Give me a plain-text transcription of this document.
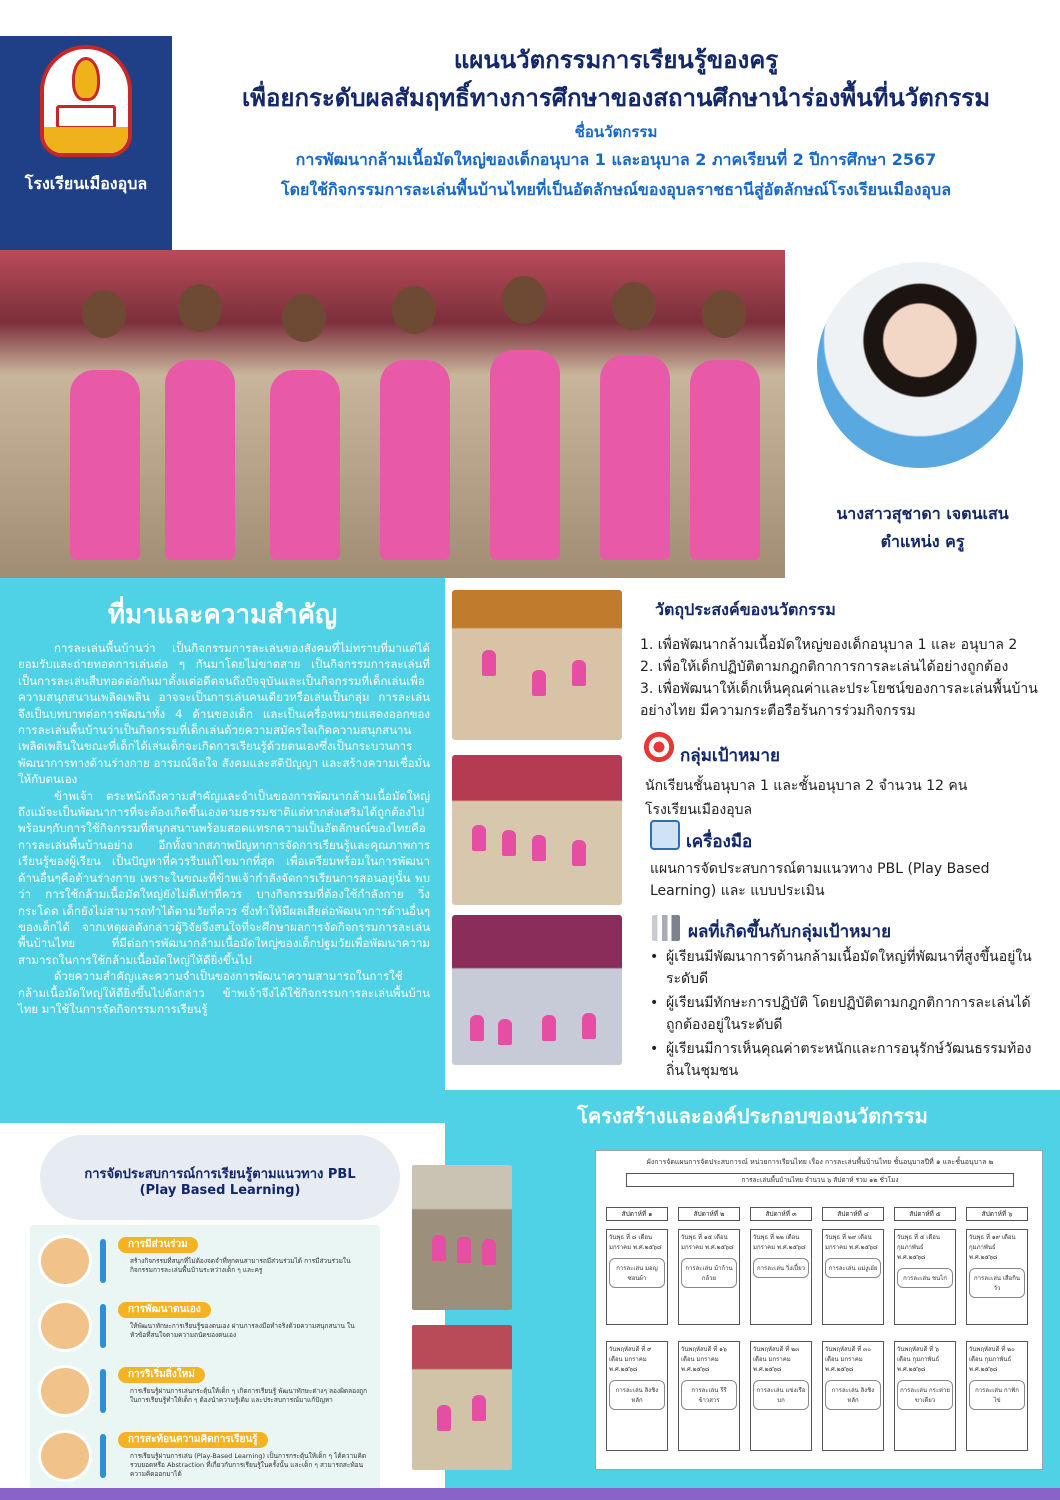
โรงเรียนเมืองอุบล
แผนนวัตกรรมการเรียนรู้ของครู
เพื่อยกระดับผลสัมฤทธิ์ทางการศึกษาของสถานศึกษานำร่องพื้นที่นวัตกรรม
ชื่อนวัตกรรม
การพัฒนากล้ามเนื้อมัดใหญ่ของเด็กอนุบาล 1 และอนุบาล 2 ภาคเรียนที่ 2 ปีการศึกษา 2567
โดยใช้กิจกรรมการละเล่นพื้นบ้านไทยที่เป็นอัตลักษณ์ของอุบลราชธานีสู่อัตลักษณ์โรงเรียนเมืองอุบล
นางสาวสุชาดา เจตนเสน
ตำแหน่ง ครู
ที่มาและความสำคัญ

การละเล่นพื้นบ้านว่า เป็นกิจกรรมการละเล่นของสังคมที่ไม่ทราบที่มาแต่ได้ยอมรับและถ่ายทอดการเล่นต่อ ๆ กันมาโดยไม่ขาดสาย เป็นกิจกรรมการละเล่นที่เป็นการละเล่นสืบทอดต่อกันมาตั้งแต่อดีตจนถึงปัจจุบันและเป็นกิจกรรมที่เด็กเล่นเพื่อความสนุกสนานเพลิดเพลิน อาจจะเป็นการเล่นคนเดียวหรือเล่นเป็นกลุ่ม การละเล่นจึงเป็นบทบาทต่อการพัฒนาทั้ง 4 ด้านของเด็ก และเป็นเครื่องหมายแสดงออกของการละเล่นพื้นบ้านว่าเป็นกิจกรรมที่เด็กเล่นด้วยความสมัครใจเกิดความสนุกสนานเพลิดเพลินในขณะที่เด็กได้เล่นเด็กจะเกิดการเรียนรู้ด้วยตนเองซึ่งเป็นกระบวนการพัฒนาการทางด้านร่างกาย อารมณ์จิตใจ สังคมและสติปัญญา และสร้างความเชื่อมั่นให้กับตนเอง

ข้าพเจ้า ตระหนักถึงความสำคัญและจำเป็นของการพัฒนากล้ามเนื้อมัดใหญ่ ถึงแม้จะเป็นพัฒนาการที่จะต้องเกิดขึ้นเองตามธรรมชาติแต่หากส่งเสริมได้ถูกต้องไปพร้อมๆกับการใช้กิจกรรมที่สนุกสนานพร้อมสอดแทรกความเป็นอัตลักษณ์ของไทยคือการละเล่นพื้นบ้านอย่าง อีกทั้งจากสภาพปัญหาการจัดการเรียนรู้และคุณภาพการเรียนรู้ของผู้เรียน เป็นปัญหาที่ควรรีบแก้ไขมากที่สุด เพื่อเตรียมพร้อมในการพัฒนาด้านอื่นๆคือด้านร่างกาย เพราะในขณะที่ข้าพเจ้ากำลังจัดการเรียนการสอนอยู่นั้น พบว่า การใช้กล้ามเนื้อมัดใหญ่ยังไม่ดีเท่าที่ควร บางกิจกรรมที่ต้องใช้กำลังกาย วิ่ง กระโดด เด็กยังไม่สามารถทำได้ตามวัยที่ควร ซึ่งทำให้มีผลเสียต่อพัฒนาการด้านอื่นๆของเด็กได้ จากเหตุผลดังกล่าวผู้วิจัยจึงสนใจที่จะศึกษาผลการจัดกิจกรรมการละเล่นพื้นบ้านไทย ที่มีต่อการพัฒนากล้ามเนื้อมัดใหญ่ของเด็กปฐมวัยเพื่อพัฒนาความสามารถในการใช้กล้ามเนื้อมัดใหญ่ให้ดียิ่งขึ้นไป

ด้วยความสำคัญและความจำเป็นของการพัฒนาความสามารถในการใช้กล้ามเนื้อมัดใหญ่ให้ดียิ่งขึ้นไปดังกล่าว ข้าพเจ้าจึงได้ใช้กิจกรรมการละเล่นพื้นบ้านไทย มาใช้ในการจัดกิจกรรมการเรียนรู้

วัตถุประสงค์ของนวัตกรรม
1. เพื่อพัฒนากล้ามเนื้อมัดใหญ่ของเด็กอนุบาล 1 และ อนุบาล 2
2. เพื่อให้เด็กปฏิบัติตามกฎกติกาการการละเล่นได้อย่างถูกต้อง
3. เพื่อพัฒนาให้เด็กเห็นคุณค่าและประโยชน์ของการละเล่นพื้นบ้านอย่างไทย มีความกระตือรือร้นการร่วมกิจกรรม
กลุ่มเป้าหมาย
นักเรียนชั้นอนุบาล 1 และชั้นอนุบาล 2 จำนวน 12 คน
โรงเรียนเมืองอุบล
เครื่องมือ
แผนการจัดประสบการณ์ตามแนวทาง PBL (Play Based Learning) และ แบบประเมิน
ผลที่เกิดขึ้นกับกลุ่มเป้าหมาย
• ผู้เรียนมีพัฒนาการด้านกล้ามเนื้อมัดใหญ่ที่พัฒนาที่สูงขึ้นอยู่ในระดับดี
• ผู้เรียนมีทักษะการปฏิบัติ โดยปฏิบัติตามกฎกติกาการละเล่นได้ถูกต้องอยู่ในระดับดี
• ผู้เรียนมีการเห็นคุณค่าตระหนักและการอนุรักษ์วัฒนธรรมท้องถิ่นในชุมชน
โครงสร้างและองค์ประกอบของนวัตกรรม
ผังการจัดแผนการจัดประสบการณ์ หน่วยการเรียนไทย เรื่อง การละเล่นพื้นบ้านไทย ชั้นอนุบาลปีที่ ๑ และชั้นอนุบาล ๒
การละเล่นพื้นบ้านไทย จำนวน ๖ สัปดาห์ รวม ๑๒ ชั่วโมง
สัปดาห์ที่ ๑
วันพุธ ที่ ๘ เดือน มกราคม พ.ศ.๒๕๖๘
การละเล่น มอญซ่อนผ้า
วันพฤหัสบดี ที่ ๙ เดือน มกราคม พ.ศ.๒๕๖๘
การละเล่น ลิงชิงหลัก
สัปดาห์ที่ ๒
วันพุธ ที่ ๑๕ เดือน มกราคม พ.ศ.๒๕๖๘
การละเล่น ม้าก้านกล้วย
วันพฤหัสบดี ที่ ๑๖ เดือน มกราคม พ.ศ.๒๕๖๘
การละเล่น รีรีข้าวสาร
สัปดาห์ที่ ๓
วันพุธ ที่ ๒๒ เดือน มกราคม พ.ศ.๒๕๖๘
การละเล่น วิ่งเปี้ยว
วันพฤหัสบดี ที่ ๒๓ เดือน มกราคม พ.ศ.๒๕๖๘
การละเล่น แข่งเรือบก
สัปดาห์ที่ ๔
วันพุธ ที่ ๒๙ เดือน มกราคม พ.ศ.๒๕๖๘
การละเล่น แม่งูเอ๋ย
วันพฤหัสบดี ที่ ๓๐ เดือน มกราคม พ.ศ.๒๕๖๘
การละเล่น ลิงชิงหลัก
สัปดาห์ที่ ๕
วันพุธ ที่ ๕ เดือน กุมภาพันธ์ พ.ศ.๒๕๖๘
การละเล่น ชนไก่
วันพฤหัสบดี ที่ ๖ เดือน กุมภาพันธ์ พ.ศ.๒๕๖๘
การละเล่น กระต่ายขาเดียว
สัปดาห์ที่ ๖
วันพุธ ที่ ๑๙ เดือน กุมภาพันธ์ พ.ศ.๒๕๖๘
การละเล่น เสือกินวัว
วันพฤหัสบดี ที่ ๒๐ เดือน กุมภาพันธ์ พ.ศ.๒๕๖๘
การละเล่น กาฟักไข่
การจัดประสบการณ์การเรียนรู้ตามแนวทาง PBL
(Play Based Learning)
การมีส่วนร่วม
สร้างกิจกรรมที่สนุกที่ไม่ต้องจดจำที่ทุกคนสามารถมีส่วนร่วมได้ การมีส่วนร่วมในกิจกรรมการละเล่นพื้นบ้านระหว่างเด็ก ๆ และครู
การพัฒนาตนเอง
ให้พัฒนาทักษะการเรียนรู้ของตนเอง ผ่านการลงมือทำจริงด้วยความสนุกสนาน ในหัวข้อที่สนใจตามความถนัดของตนเอง
การริเริ่มสิ่งใหม่
การเรียนรู้ผ่านการเล่นกระตุ้นให้เด็ก ๆ เกิดการเรียนรู้ พัฒนาทักษะต่างๆ ลองผิดลองถูกในการเรียนรู้ทำให้เด็ก ๆ ต้องนำความรู้เดิม และประสบการณ์มาแก้ปัญหา
การสะท้อนความคิดการเรียนรู้
การเรียนรู้ผ่านการเล่น (Play-Based Learning) เป็นการกระตุ้นให้เด็ก ๆ ได้ความคิดรวบยอดหรือ Abstraction ที่เกี่ยวกับการเรียนรู้ในครั้งนั้น และเด็ก ๆ สามารถสะท้อนความคิดออกมาได้
